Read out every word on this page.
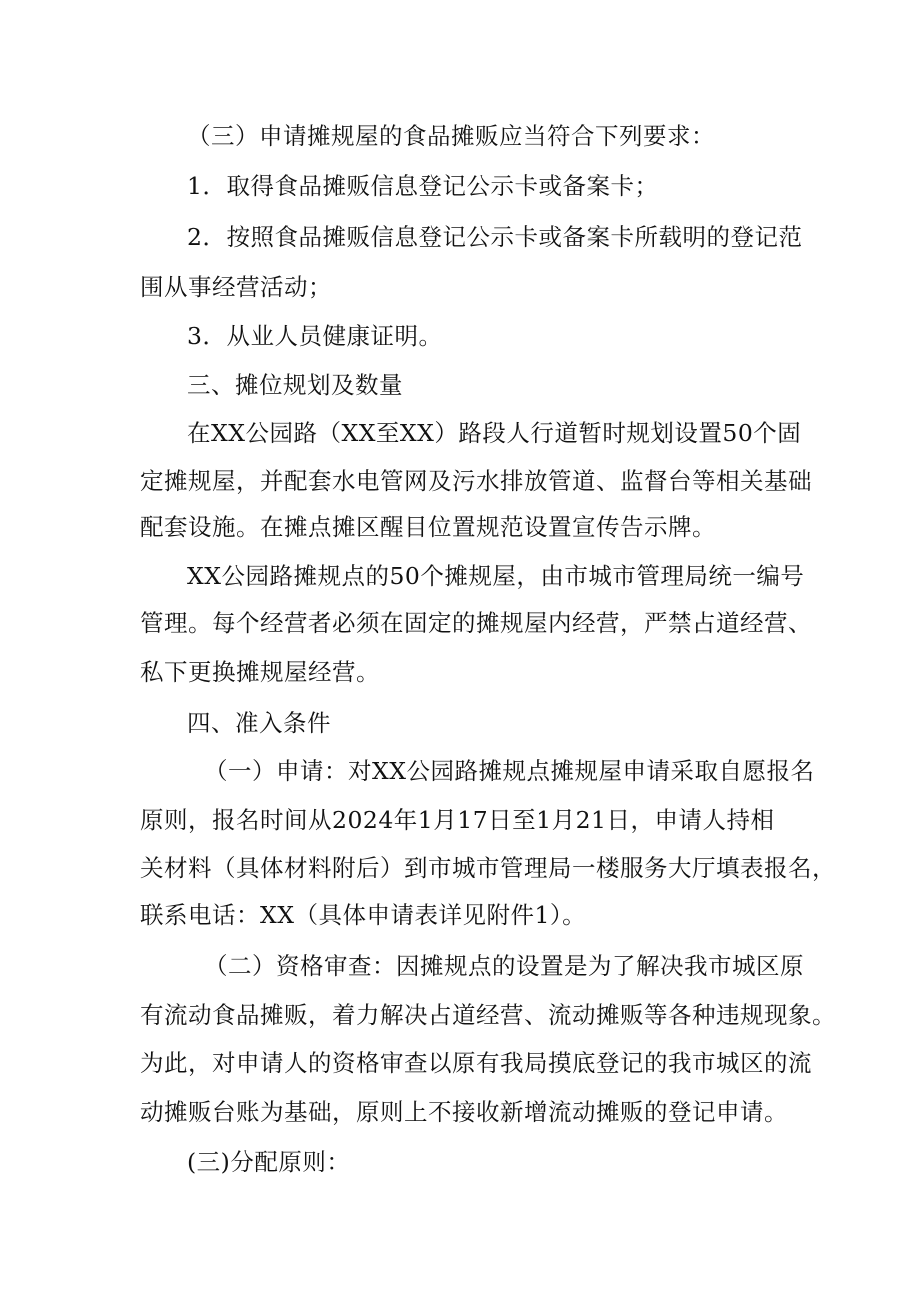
（三）申请摊规屋的食品摊贩应当符合下列要求：
1．取得食品摊贩信息登记公示卡或备案卡；
2．按照食品摊贩信息登记公示卡或备案卡所载明的登记范
围从事经营活动；
3．从业人员健康证明。
三、摊位规划及数量
在XX公园路（XX至XX）路段人行道暂时规划设置50个固
定摊规屋，并配套水电管网及污水排放管道、监督台等相关基础
配套设施。在摊点摊区醒目位置规范设置宣传告示牌。
XX公园路摊规点的50个摊规屋，由市城市管理局统一编号
管理。每个经营者必须在固定的摊规屋内经营，严禁占道经营、
私下更换摊规屋经营。
四、准入条件
（一）申请：对XX公园路摊规点摊规屋申请采取自愿报名
原则，报名时间从2024年1月17日至1月21日，申请人持相
关材料（具体材料附后）到市城市管理局一楼服务大厅填表报名，
联系电话：XX（具体申请表详见附件1）。
（二）资格审查：因摊规点的设置是为了解决我市城区原
有流动食品摊贩，着力解决占道经营、流动摊贩等各种违规现象。
为此，对申请人的资格审查以原有我局摸底登记的我市城区的流
动摊贩台账为基础，原则上不接收新增流动摊贩的登记申请。
(三)分配原则：
